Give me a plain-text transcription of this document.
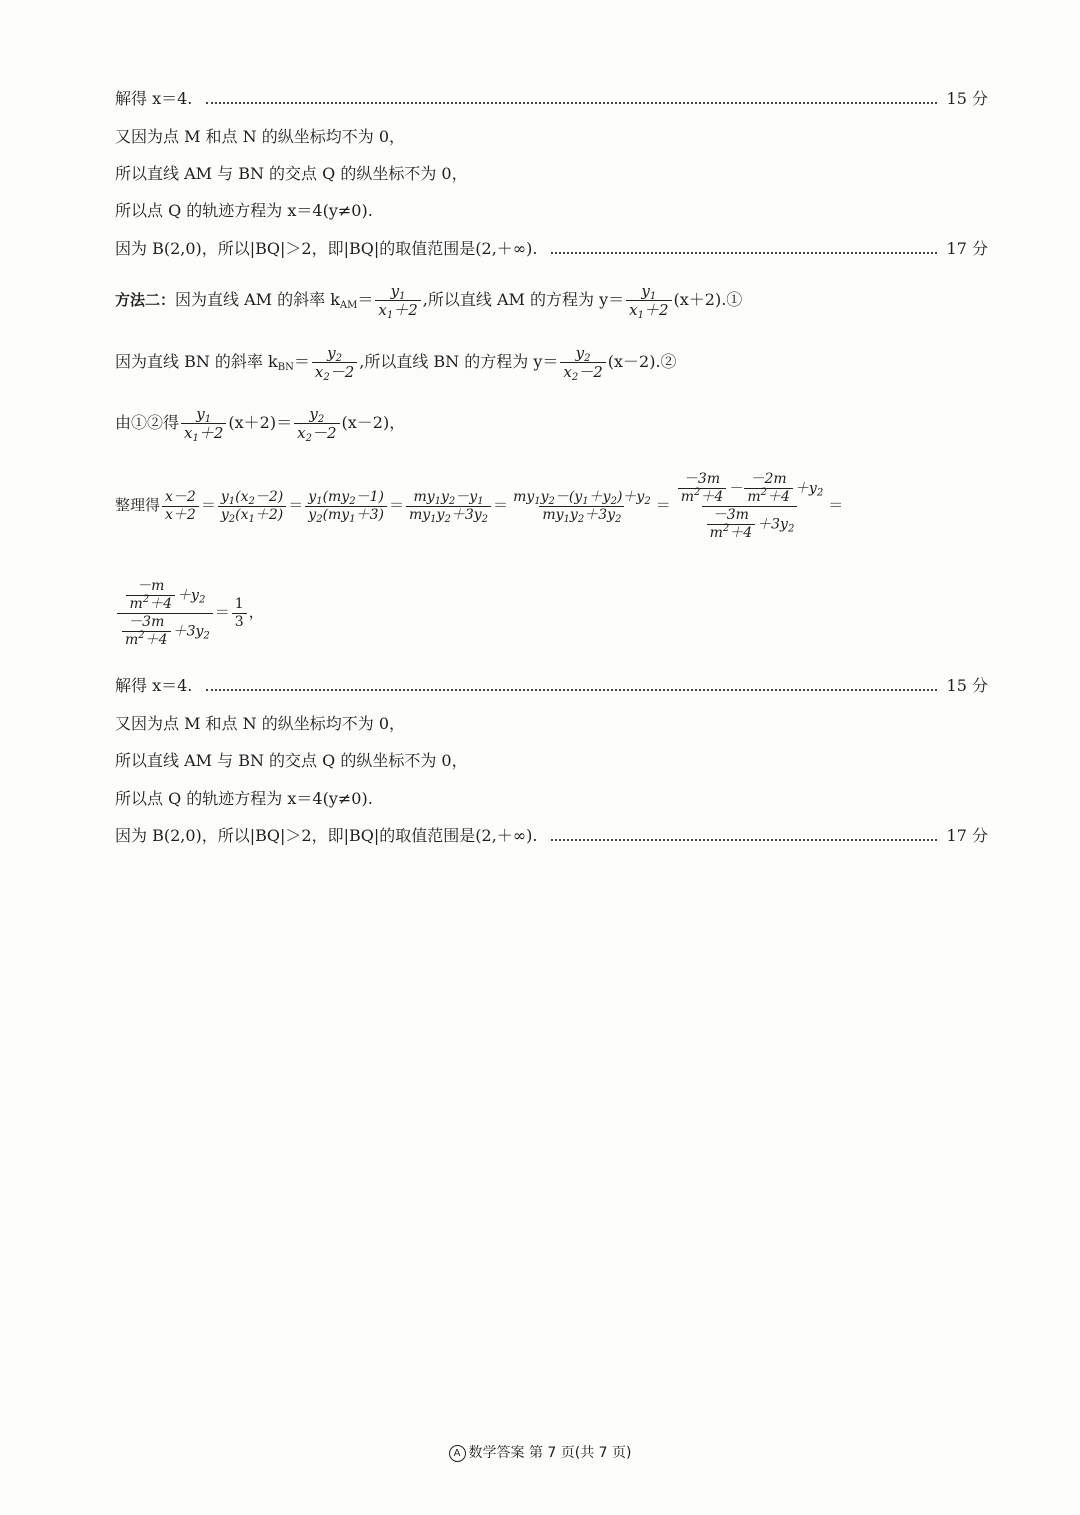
解得 x＝4.	15 分
又因为点 M 和点 N 的纵坐标均不为 0，
所以直线 AM 与 BN 的交点 Q 的纵坐标不为 0，
所以点 Q 的轨迹方程为 x＝4(y≠0).
因为 B(2,0)，所以|BQ|＞2，即|BQ|的取值范围是(2,＋∞).	17 分
方法二：因为直线 AM 的斜率 $k_{AM}= \frac{y_1}{x_1+2}$ ,所以直线 AM 的方程为 $y= \frac{y_1}{x_1+2}$ (x＋2).①
因为直线 BN 的斜率 $k_{BN}= \frac{y_2}{x_2-2}$ ,所以直线 BN 的方程为 $y= \frac{y_2}{x_2-2}$ (x－2).②
由①②得 $\frac{y_1}{x_1+2} (x+2)= \frac{y_2}{x_2-2} (x-2)$，
整理得 $\frac{x-2}{x+2} = \frac{y_1(x_2-2)}{y_2(x_1+2)} = \frac{y_1(my_2-1)}{y_2(my_1+3)} = \frac{my_1y_2-y_1}{my_1y_2+3y_2} = \frac{my_1y_2-(y_1+y_2)+y_2}{my_1y_2+3y_2} = \frac{\frac{-3m}{m^2+4} - \frac{-2m}{m^2+4} +y_2}{\frac{-3m}{m^2+4} +3y_2}$ ＝
$\frac{\frac{-m}{m^2+4} +y_2}{\frac{-3m}{m^2+4} +3y_2} = \frac{1}{3}$ ，
解得 x＝4.	15 分
又因为点 M 和点 N 的纵坐标均不为 0，
所以直线 AM 与 BN 的交点 Q 的纵坐标不为 0，
所以点 Q 的轨迹方程为 x＝4(y≠0).
因为 B(2,0)，所以|BQ|＞2，即|BQ|的取值范围是(2,＋∞).	17 分
A 数学答案 第 7 页(共 7 页)
